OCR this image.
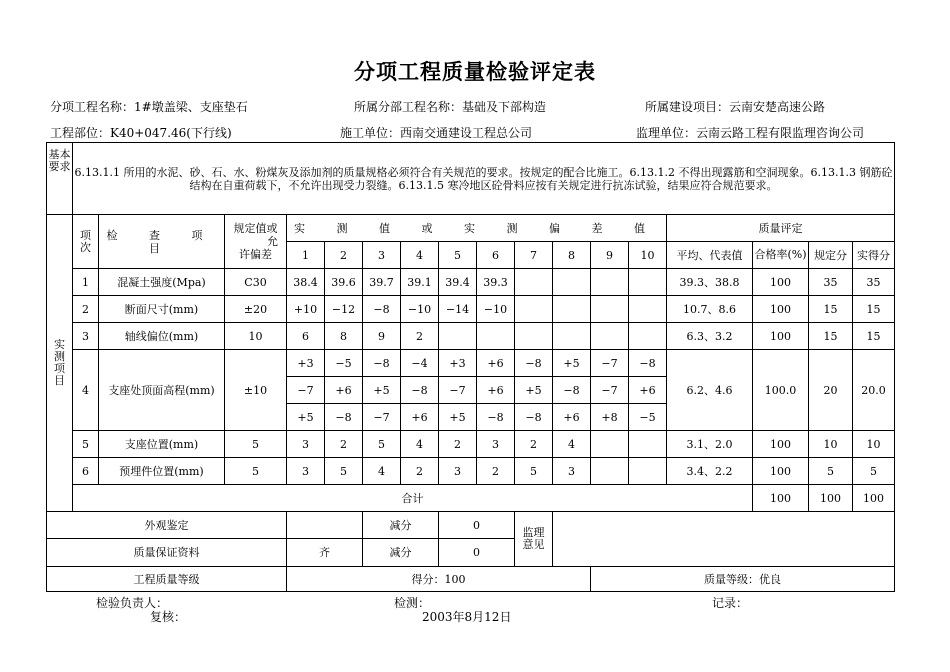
分项工程质量检验评定表
分项工程名称：1#墩盖梁、支座垫石	所属分部工程名称：基础及下部构造	所属建设项目：云南安楚高速公路
工程部位：K40+047.46(下行线)	施工单位：西南交通建设工程总公司	监理单位：云南云路工程有限监理咨询公司
基本要求	6.13.1.1 所用的水泥、砂、石、水、粉煤灰及添加剂的质量规格必须符合有关规范的要求。按规定的配合比施工。6.13.1.2 不得出现露筋和空洞现象。6.13.1.3 钢筋砼结构在自重荷载下，不允许出现受力裂缝。6.13.1.5 寒冷地区砼骨料应按有关规定进行抗冻试验，结果应符合规范要求。																
实测项目	项次	检 查 项 目	规定值或
允
许偏差	实 测 值 或 实 测 偏 差 值										质量评定			
				1	2	3	4	5	6	7	8	9	10	平均、代表值	合格率(%)	规定分	实得分
	1	混凝土强度(Mpa)	C30	38.4	39.6	39.7	39.1	39.4	39.3					39.3、38.8	100	35	35
	2	断面尺寸(mm)	±20	+10	−12	−8	−10	−14	−10					10.7、8.6	100	15	15
	3	轴线偏位(mm)	10	6	8	9	2							6.3、3.2	100	15	15
	4	支座处顶面高程(mm)	±10	+3	−5	−8	−4	+3	+6	−8	+5	−7	−8	6.2、4.6	100.0	20	20.0
				−7	+6	+5	−8	−7	+6	+5	−8	−7	+6				
				+5	−8	−7	+6	+5	−8	−8	+6	+8	−5				
	5	支座位置(mm)	5	3	2	5	4	2	3	2	4			3.1、2.0	100	10	10
	6	预埋件位置(mm)	5	3	5	4	2	3	2	5	3			3.4、2.2	100	5	5
	合计														100	100	100
外观鉴定						减分		0		监理意见							
质量保证资料				齐		减分		0									
工程质量等级				得分：100								质量等级：优良					
检验负责人：	检测：	记录：
复核：	2003年8月12日
